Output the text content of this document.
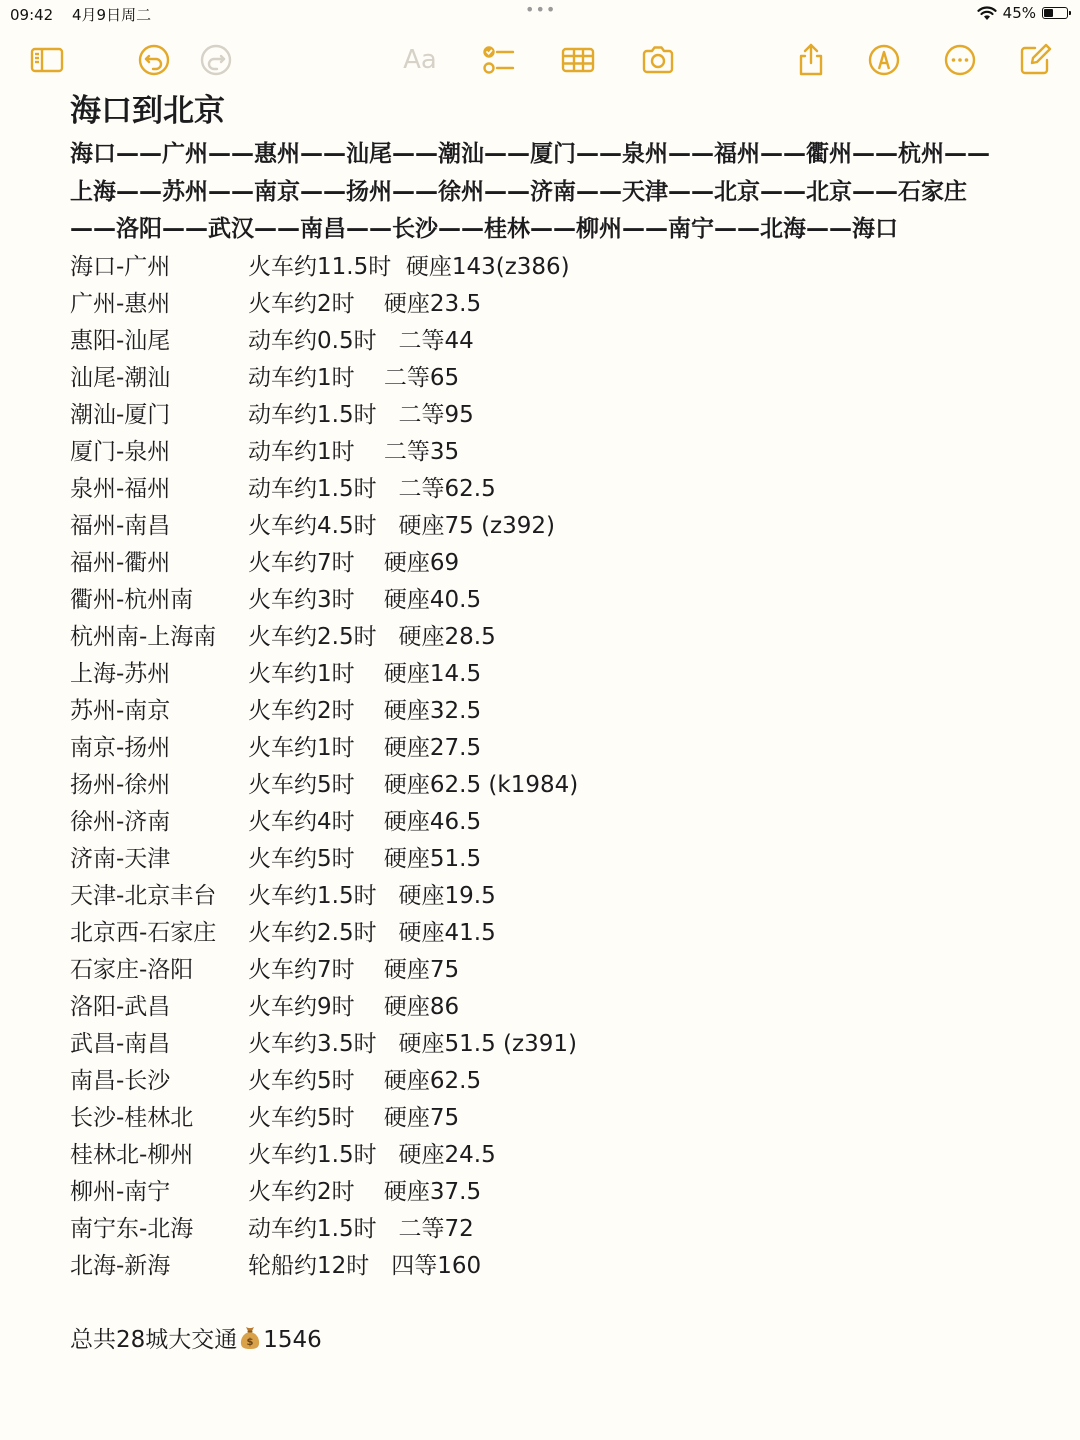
09:42 4月9日周二	•••	45%
Aa
海口到北京

海口——广州——惠州——汕尾——潮汕——厦门——泉州——福州——衢州——杭州——

上海——苏州——南京——扬州——徐州——济南——天津——北京——北京——石家庄

——洛阳——武汉——南昌——长沙——桂林——柳州——南宁——北海——海口

海口-广州	火车约11.5时  硬座143(z386)
广州-惠州	火车约2时    硬座23.5
惠阳-汕尾	动车约0.5时   二等44
汕尾-潮汕	动车约1时    二等65
潮汕-厦门	动车约1.5时   二等95
厦门-泉州	动车约1时    二等35
泉州-福州	动车约1.5时   二等62.5
福州-南昌	火车约4.5时   硬座75 (z392)
福州-衢州	火车约7时    硬座69
衢州-杭州南	火车约3时    硬座40.5
杭州南-上海南	火车约2.5时   硬座28.5
上海-苏州	火车约1时    硬座14.5
苏州-南京	火车约2时    硬座32.5
南京-扬州	火车约1时    硬座27.5
扬州-徐州	火车约5时    硬座62.5 (k1984)
徐州-济南	火车约4时    硬座46.5
济南-天津	火车约5时    硬座51.5
天津-北京丰台	火车约1.5时   硬座19.5
北京西-石家庄	火车约2.5时   硬座41.5
石家庄-洛阳	火车约7时    硬座75
洛阳-武昌	火车约9时    硬座86
武昌-南昌	火车约3.5时   硬座51.5 (z391)
南昌-长沙	火车约5时    硬座62.5
长沙-桂林北	火车约5时    硬座75
桂林北-柳州	火车约1.5时   硬座24.5
柳州-南宁	火车约2时    硬座37.5
南宁东-北海	动车约1.5时   二等72
北海-新海	轮船约12时   四等160
总共28城大交通 $ 1546
